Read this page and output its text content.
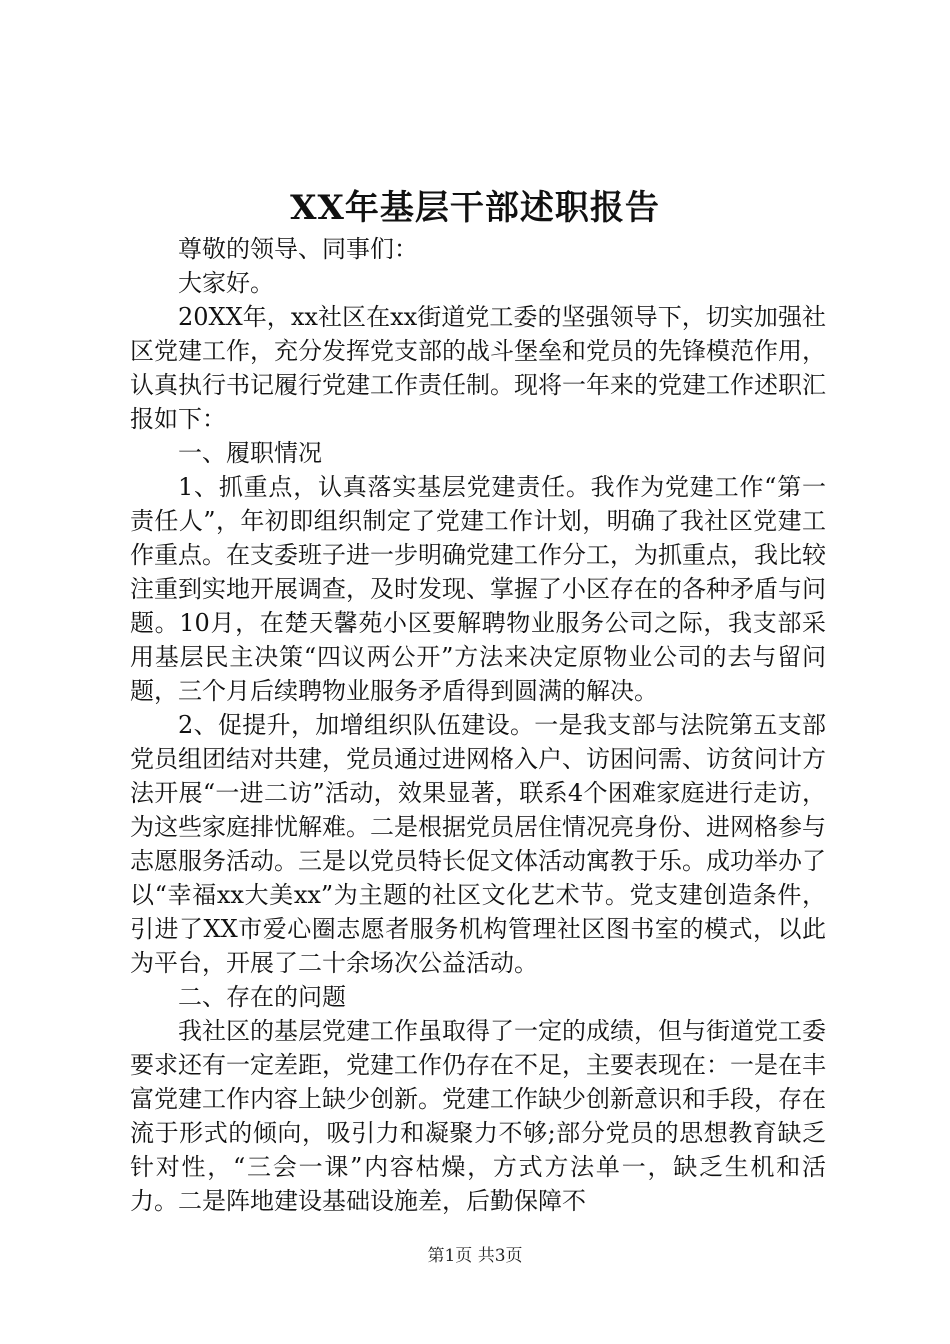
XX年基层干部述职报告

尊敬的领导、同事们：

大家好。

20XX年，xx社区在xx街道党工委的坚强领导下，切实加强社区党建工作，充分发挥党支部的战斗堡垒和党员的先锋模范作用，认真执行书记履行党建工作责任制。现将一年来的党建工作述职汇报如下：

一、履职情况

1、抓重点，认真落实基层党建责任。我作为党建工作“第一责任人”，年初即组织制定了党建工作计划，明确了我社区党建工作重点。在支委班子进一步明确党建工作分工，为抓重点，我比较注重到实地开展调查，及时发现、掌握了小区存在的各种矛盾与问题。10月，在楚天馨苑小区要解聘物业服务公司之际，我支部采用基层民主决策“四议两公开”方法来决定原物业公司的去与留问题，三个月后续聘物业服务矛盾得到圆满的解决。

2、促提升，加增组织队伍建设。一是我支部与法院第五支部党员组团结对共建，党员通过进网格入户、访困问需、访贫问计方法开展“一进二访”活动，效果显著，联系4个困难家庭进行走访，为这些家庭排忧解难。二是根据党员居住情况亮身份、进网格参与志愿服务活动。三是以党员特长促文体活动寓教于乐。成功举办了以“幸福xx大美xx”为主题的社区文化艺术节。党支建创造条件，引进了XX市爱心圈志愿者服务机构管理社区图书室的模式，以此为平台，开展了二十余场次公益活动。

二、存在的问题

我社区的基层党建工作虽取得了一定的成绩，但与街道党工委要求还有一定差距，党建工作仍存在不足，主要表现在：一是在丰富党建工作内容上缺少创新。党建工作缺少创新意识和手段，存在流于形式的倾向，吸引力和凝聚力不够;部分党员的思想教育缺乏针对性，“三会一课”内容枯燥，方式方法单一，缺乏生机和活力。二是阵地建设基础设施差，后勤保障不

第1页 共3页
